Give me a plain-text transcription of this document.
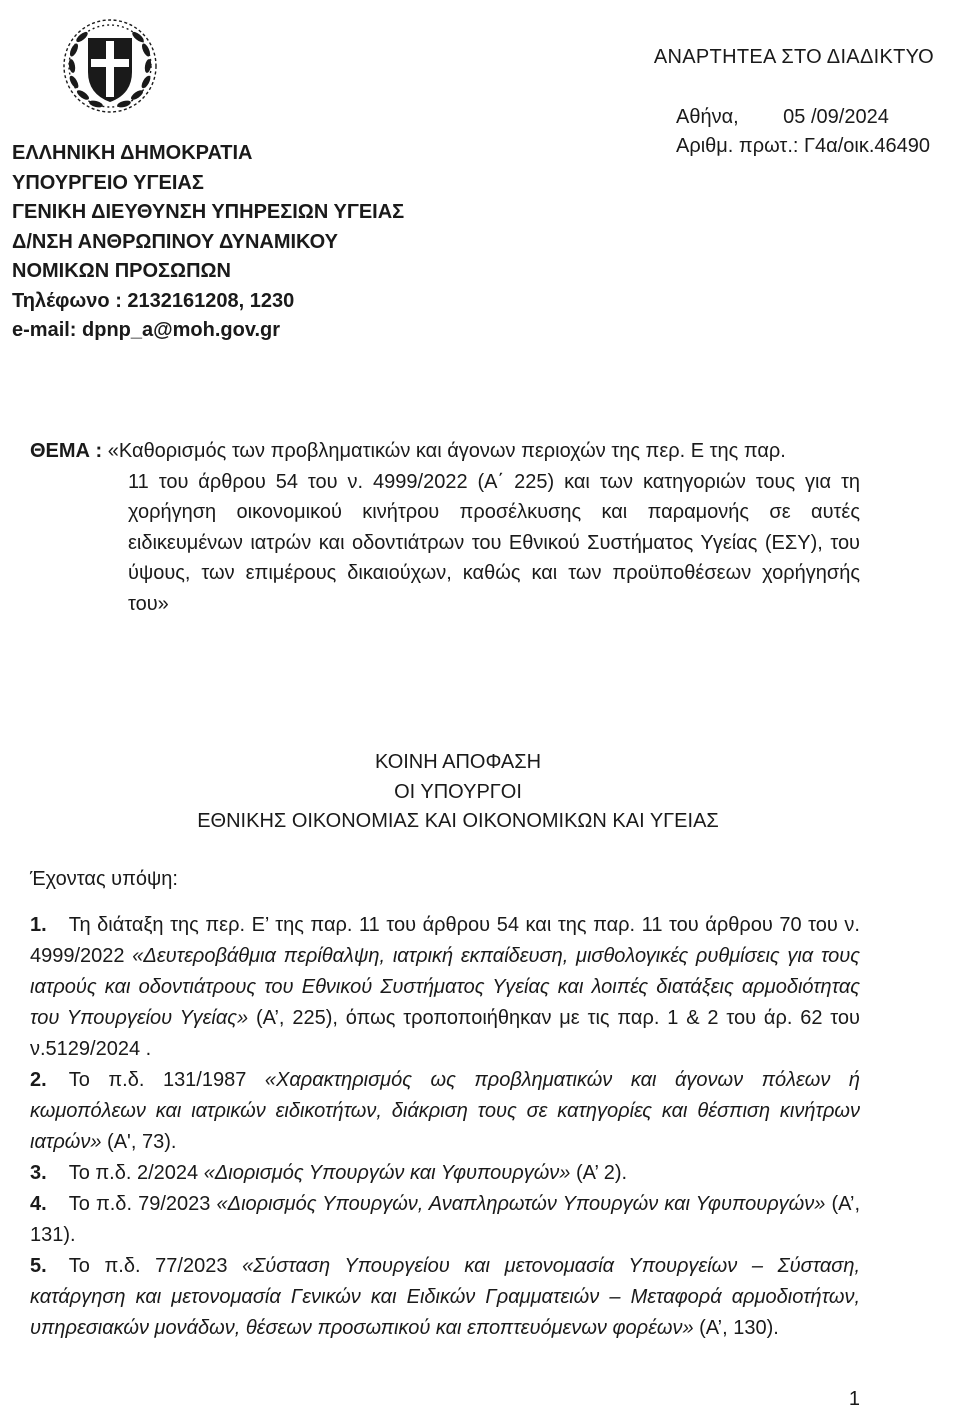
ΑΝΑΡΤΗΤΕΑ ΣΤΟ ΔΙΑΔΙΚΤΥΟ
Αθήνα, 05 /09/2024
Αριθμ. πρωτ.: Γ4α/οικ.46490
ΕΛΛΗΝΙΚΗ ΔΗΜΟΚΡΑΤΙΑ
ΥΠΟΥΡΓΕΙΟ ΥΓΕΙΑΣ
ΓΕΝΙΚΗ ΔΙΕΥΘΥΝΣΗ ΥΠΗΡΕΣΙΩΝ ΥΓΕΙΑΣ
Δ/ΝΣΗ ΑΝΘΡΩΠΙΝΟΥ ΔΥΝΑΜΙΚΟΥ
ΝΟΜΙΚΩΝ ΠΡΟΣΩΠΩΝ
Τηλέφωνο : 2132161208, 1230
e-mail: dpnp_a@moh.gov.gr
ΘΕΜΑ : «Καθορισμός των προβληματικών και άγονων περιοχών της περ. Ε της παρ.
11 του άρθρου 54 του ν. 4999/2022 (Α΄ 225) και των κατηγοριών τους για τη χορήγηση οικονομικού κινήτρου προσέλκυσης και παραμονής σε αυτές ειδικευμένων ιατρών και οδοντιάτρων του Εθνικού Συστήματος Υγείας (ΕΣΥ), του ύψους, των επιμέρους δικαιούχων, καθώς και των προϋποθέσεων χορήγησής του»
ΚΟΙΝΗ ΑΠΟΦΑΣΗ
ΟΙ ΥΠΟΥΡΓΟΙ
ΕΘΝΙΚΗΣ ΟΙΚΟΝΟΜΙΑΣ ΚΑΙ ΟΙΚΟΝΟΜΙΚΩΝ ΚΑΙ ΥΓΕΙΑΣ
Έχοντας υπόψη:
1. Τη διάταξη της περ. Ε’ της παρ. 11 του άρθρου 54 και της παρ. 11 του άρθρου 70 του ν. 4999/2022 «Δευτεροβάθμια περίθαλψη, ιατρική εκπαίδευση, μισθολογικές ρυθμίσεις για τους ιατρούς και οδοντιάτρους του Εθνικού Συστήματος Υγείας και λοιπές διατάξεις αρμοδιότητας του Υπουργείου Υγείας» (Α’, 225), όπως τροποποιήθηκαν με τις παρ. 1 & 2 του άρ. 62 του ν.5129/2024 .
2. Το π.δ. 131/1987 «Χαρακτηρισμός ως προβληματικών και άγονων πόλεων ή κωμοπόλεων και ιατρικών ειδικοτήτων, διάκριση τους σε κατηγορίες και θέσπιση κινήτρων ιατρών» (A', 73).
3. Το π.δ. 2/2024 «Διορισμός Υπουργών και Υφυπουργών» (Α’ 2).
4. Το π.δ. 79/2023 «Διορισμός Υπουργών, Αναπληρωτών Υπουργών και Υφυπουργών» (Α’, 131).
5. Το π.δ. 77/2023 «Σύσταση Υπουργείου και μετονομασία Υπουργείων – Σύσταση, κατάργηση και μετονομασία Γενικών και Ειδικών Γραμματειών – Μεταφορά αρμοδιοτήτων, υπηρεσιακών μονάδων, θέσεων προσωπικού και εποπτευόμενων φορέων» (Α’, 130).
1
